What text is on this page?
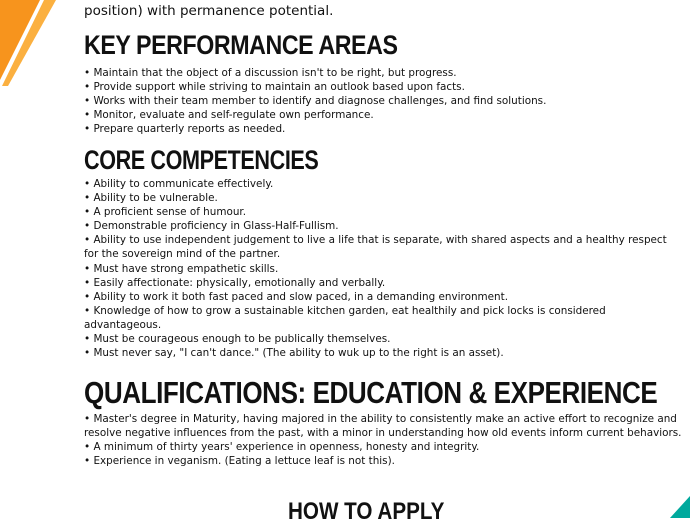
position) with permanence potential.
KEY PERFORMANCE AREAS
• Maintain that the object of a discussion isn't to be right, but progress.
• Provide support while striving to maintain an outlook based upon facts.
• Works with their team member to identify and diagnose challenges, and find solutions.
• Monitor, evaluate and self-regulate own performance.
• Prepare quarterly reports as needed.
CORE COMPETENCIES
• Ability to communicate effectively.
• Ability to be vulnerable.
• A proficient sense of humour.
• Demonstrable proficiency in Glass-Half-Fullism.
• Ability to use independent judgement to live a life that is separate, with shared aspects and a healthy respect for the sovereign mind of the partner.
• Must have strong empathetic skills.
• Easily affectionate: physically, emotionally and verbally.
• Ability to work it both fast paced and slow paced, in a demanding environment.
• Knowledge of how to grow a sustainable kitchen garden, eat healthily and pick locks is considered advantageous.
• Must be courageous enough to be publically themselves.
• Must never say, "I can't dance." (The ability to wuk up to the right is an asset).
QUALIFICATIONS: EDUCATION & EXPERIENCE
• Master's degree in Maturity, having majored in the ability to consistently make an active effort to recognize and resolve negative influences from the past, with a minor in understanding how old events inform current behaviors.
• A minimum of thirty years' experience in openness, honesty and integrity.
• Experience in veganism. (Eating a lettuce leaf is not this).
HOW TO APPLY
